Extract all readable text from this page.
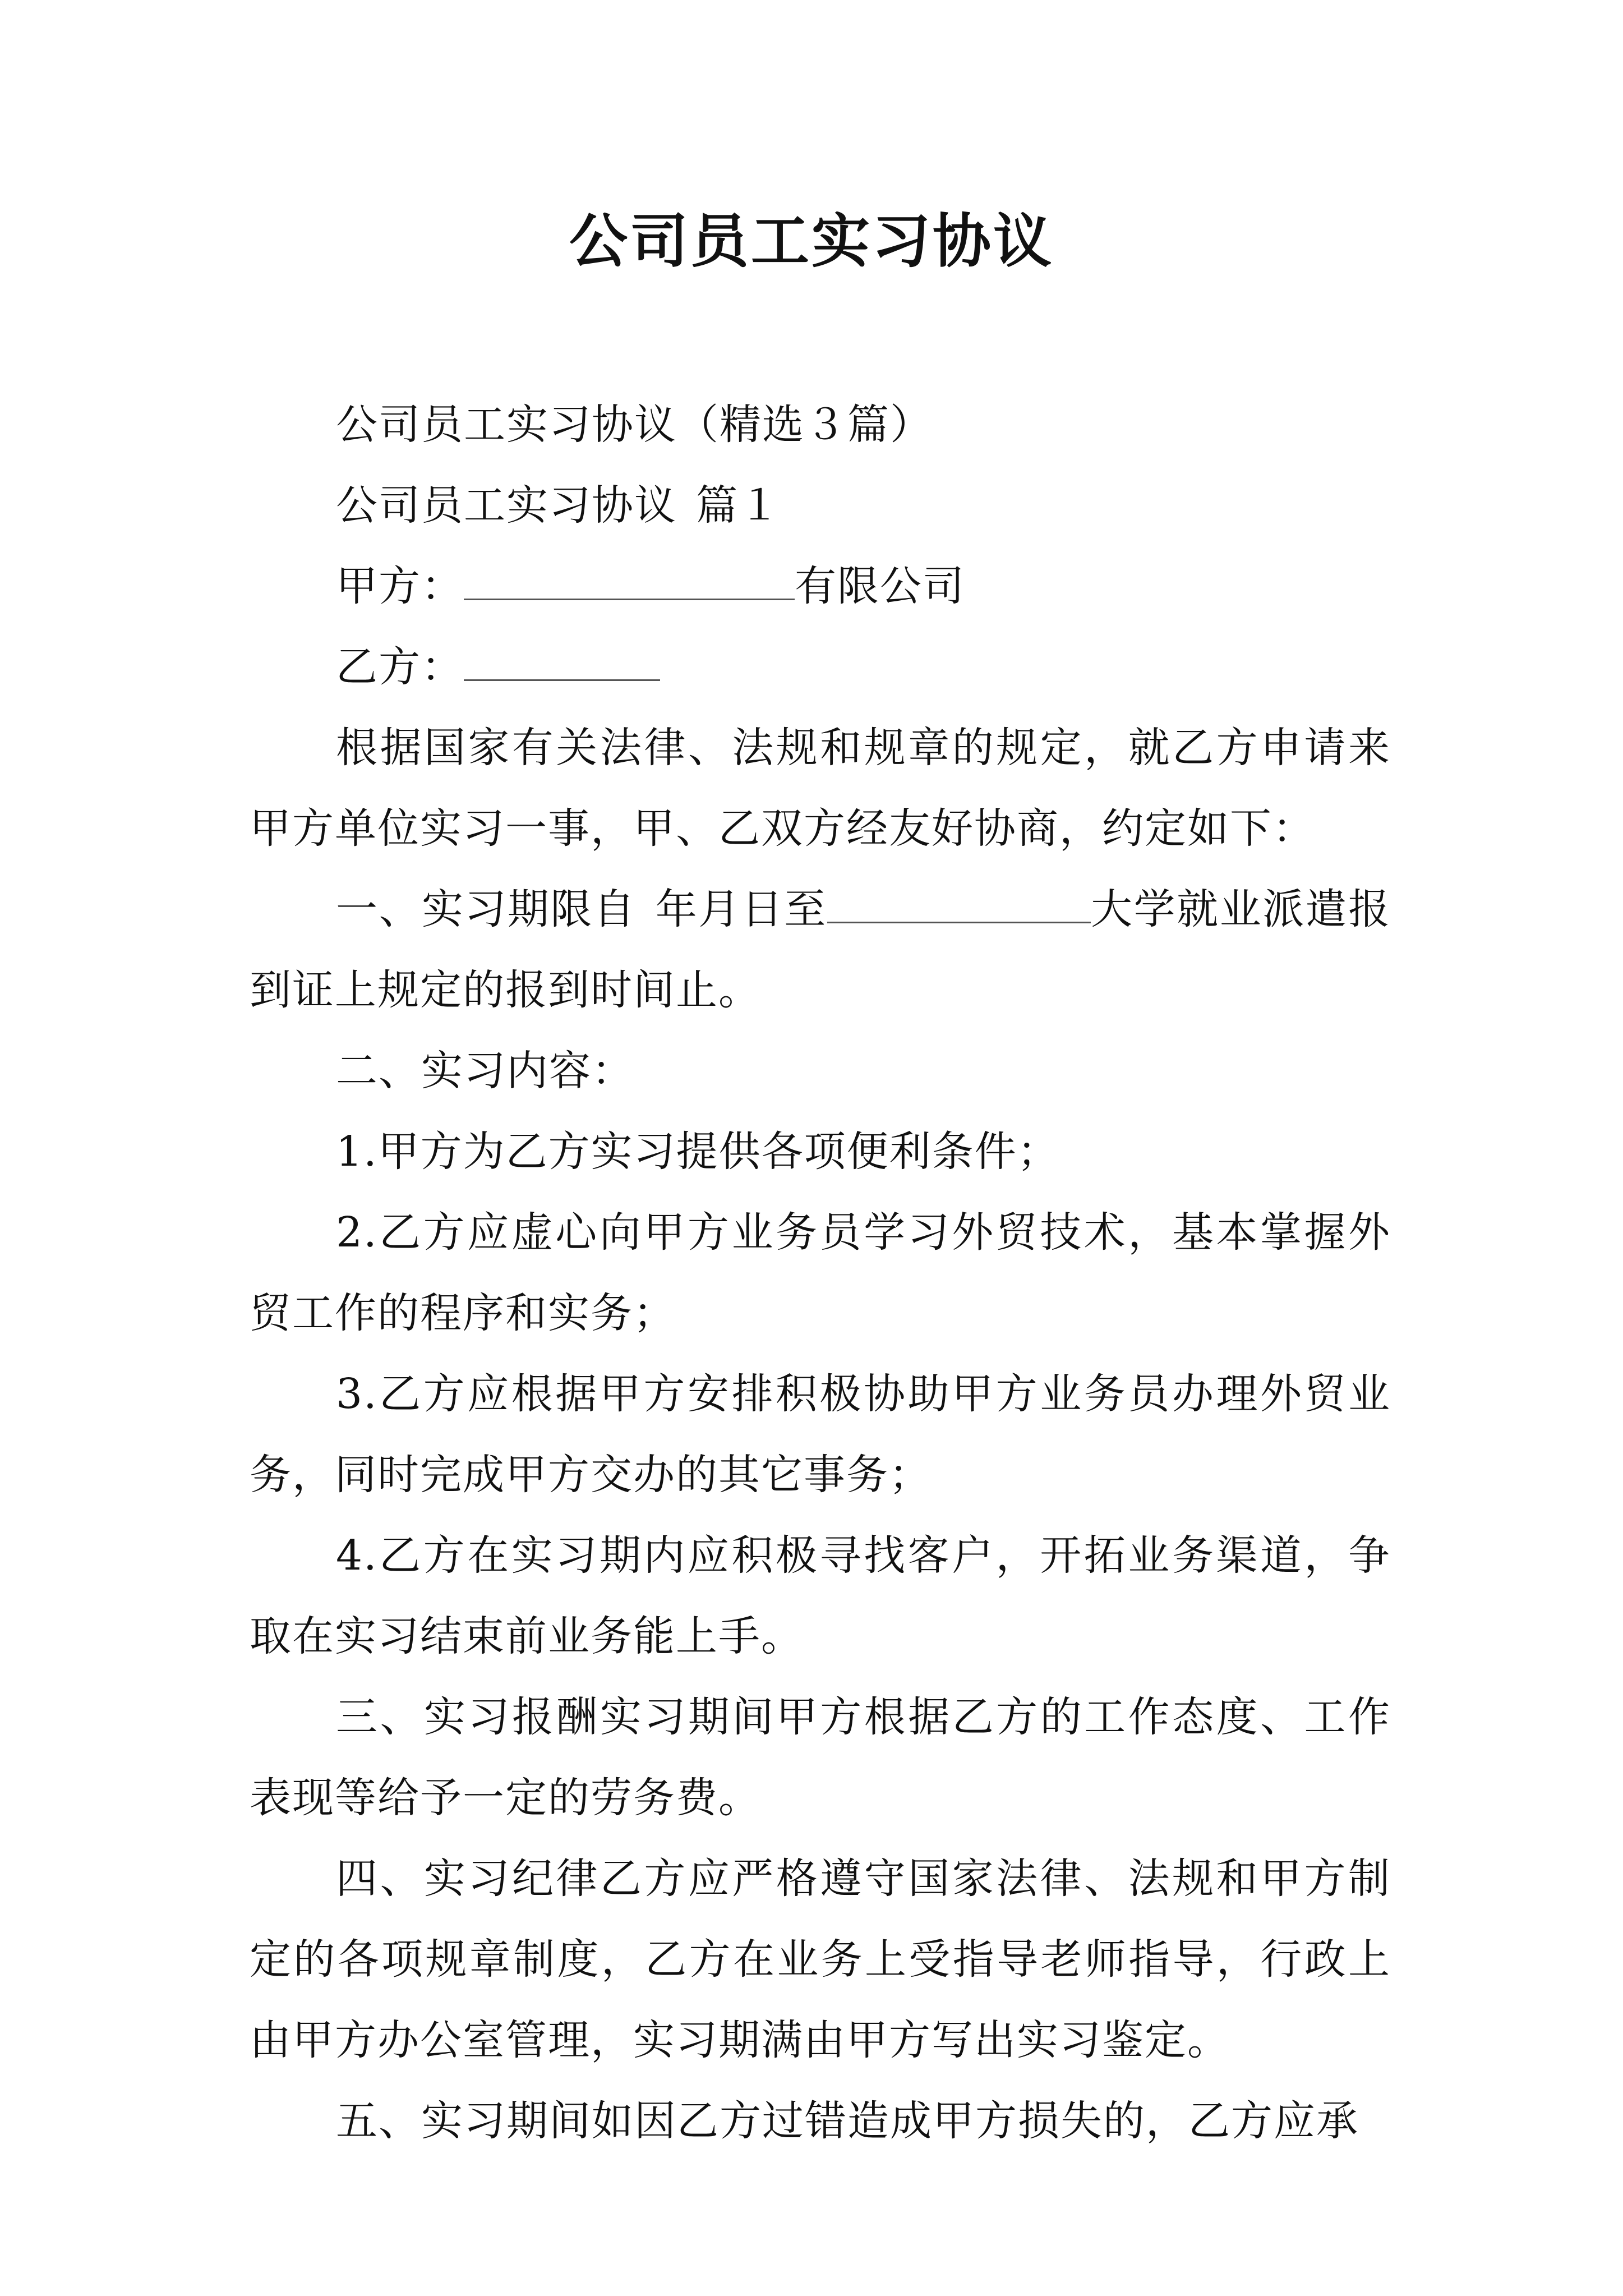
公司员工实习协议

公司员工实习协议（精选３篇）

公司员工实习协议 篇１

甲方：	有限公司

乙方：

根据国家有关法律、法规和规章的规定，就乙方申请来甲方单位实习一事，甲、乙双方经友好协商，约定如下：

一、实习期限自 年月日至	大学就业派遣报到证上规定的报到时间止。

二、实习内容：

1.甲方为乙方实习提供各项便利条件；

2.乙方应虚心向甲方业务员学习外贸技术，基本掌握外贸工作的程序和实务；

3.乙方应根据甲方安排积极协助甲方业务员办理外贸业务，同时完成甲方交办的其它事务；

4.乙方在实习期内应积极寻找客户，开拓业务渠道，争取在实习结束前业务能上手。

三、实习报酬实习期间甲方根据乙方的工作态度、工作表现等给予一定的劳务费。

四、实习纪律乙方应严格遵守国家法律、法规和甲方制定的各项规章制度，乙方在业务上受指导老师指导，行政上由甲方办公室管理，实习期满由甲方写出实习鉴定。

五、实习期间如因乙方过错造成甲方损失的，乙方应承
